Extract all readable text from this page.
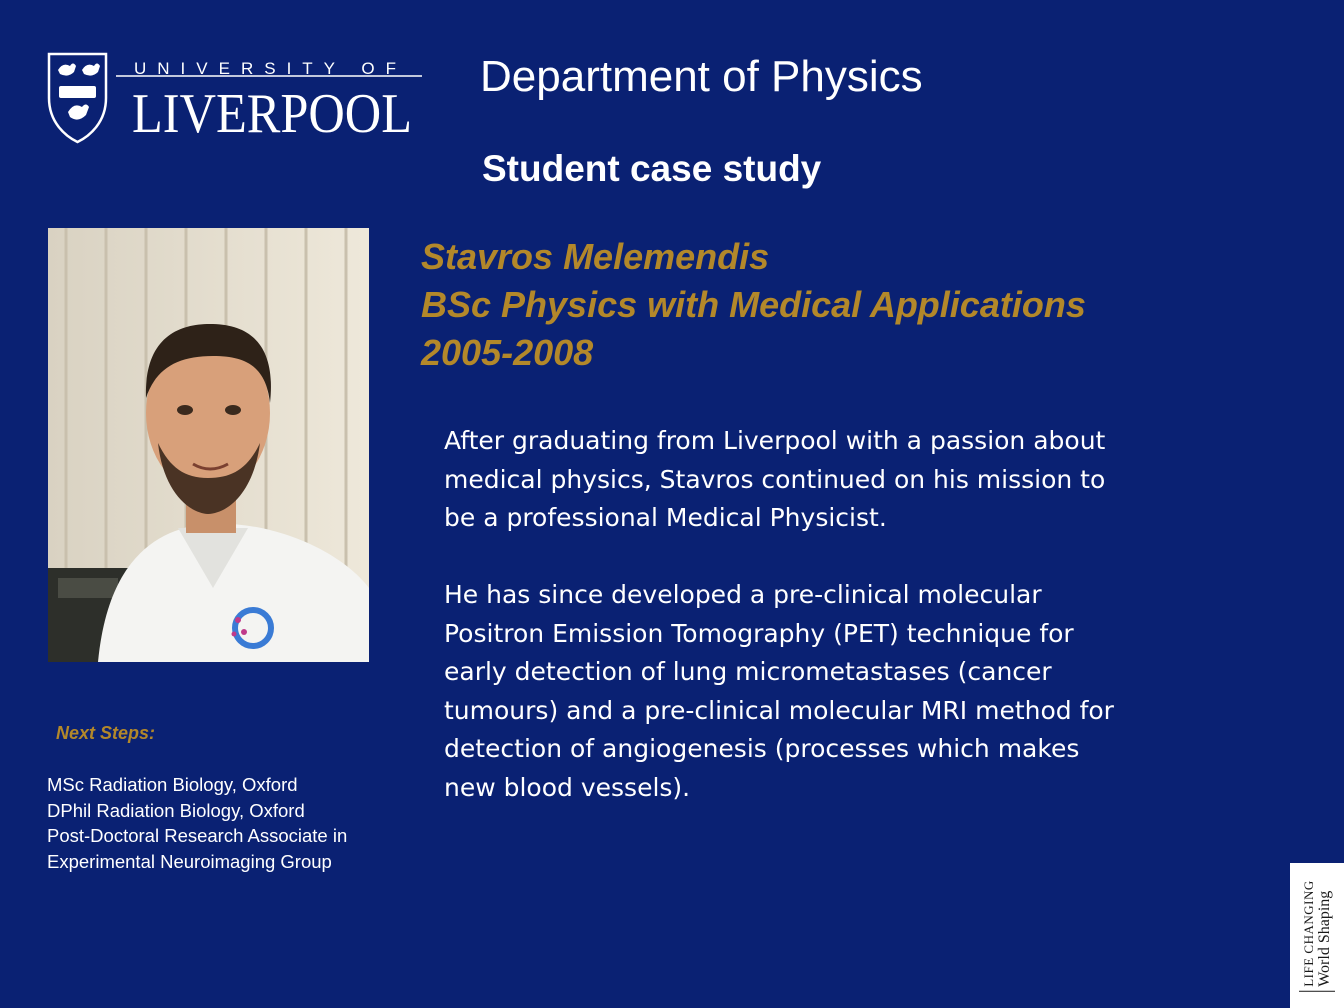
UNIVERSITY OF
LIVERPOOL
Department of Physics
Student case study
Stavros Melemendis
BSc Physics with Medical Applications
2005-2008

After graduating from Liverpool with a passion about medical physics, Stavros continued on his mission to be a professional Medical Physicist.

He has since developed a pre-clinical molecular Positron Emission Tomography (PET) technique for early detection of lung micrometastases (cancer tumours) and a pre-clinical molecular MRI method for detection of angiogenesis (processes which makes new blood vessels).

Next Steps:
MSc Radiation Biology, Oxford
DPhil Radiation Biology, Oxford
Post-Doctoral Research Associate in
Experimental Neuroimaging Group
LIFE CHANGING World Shaping
